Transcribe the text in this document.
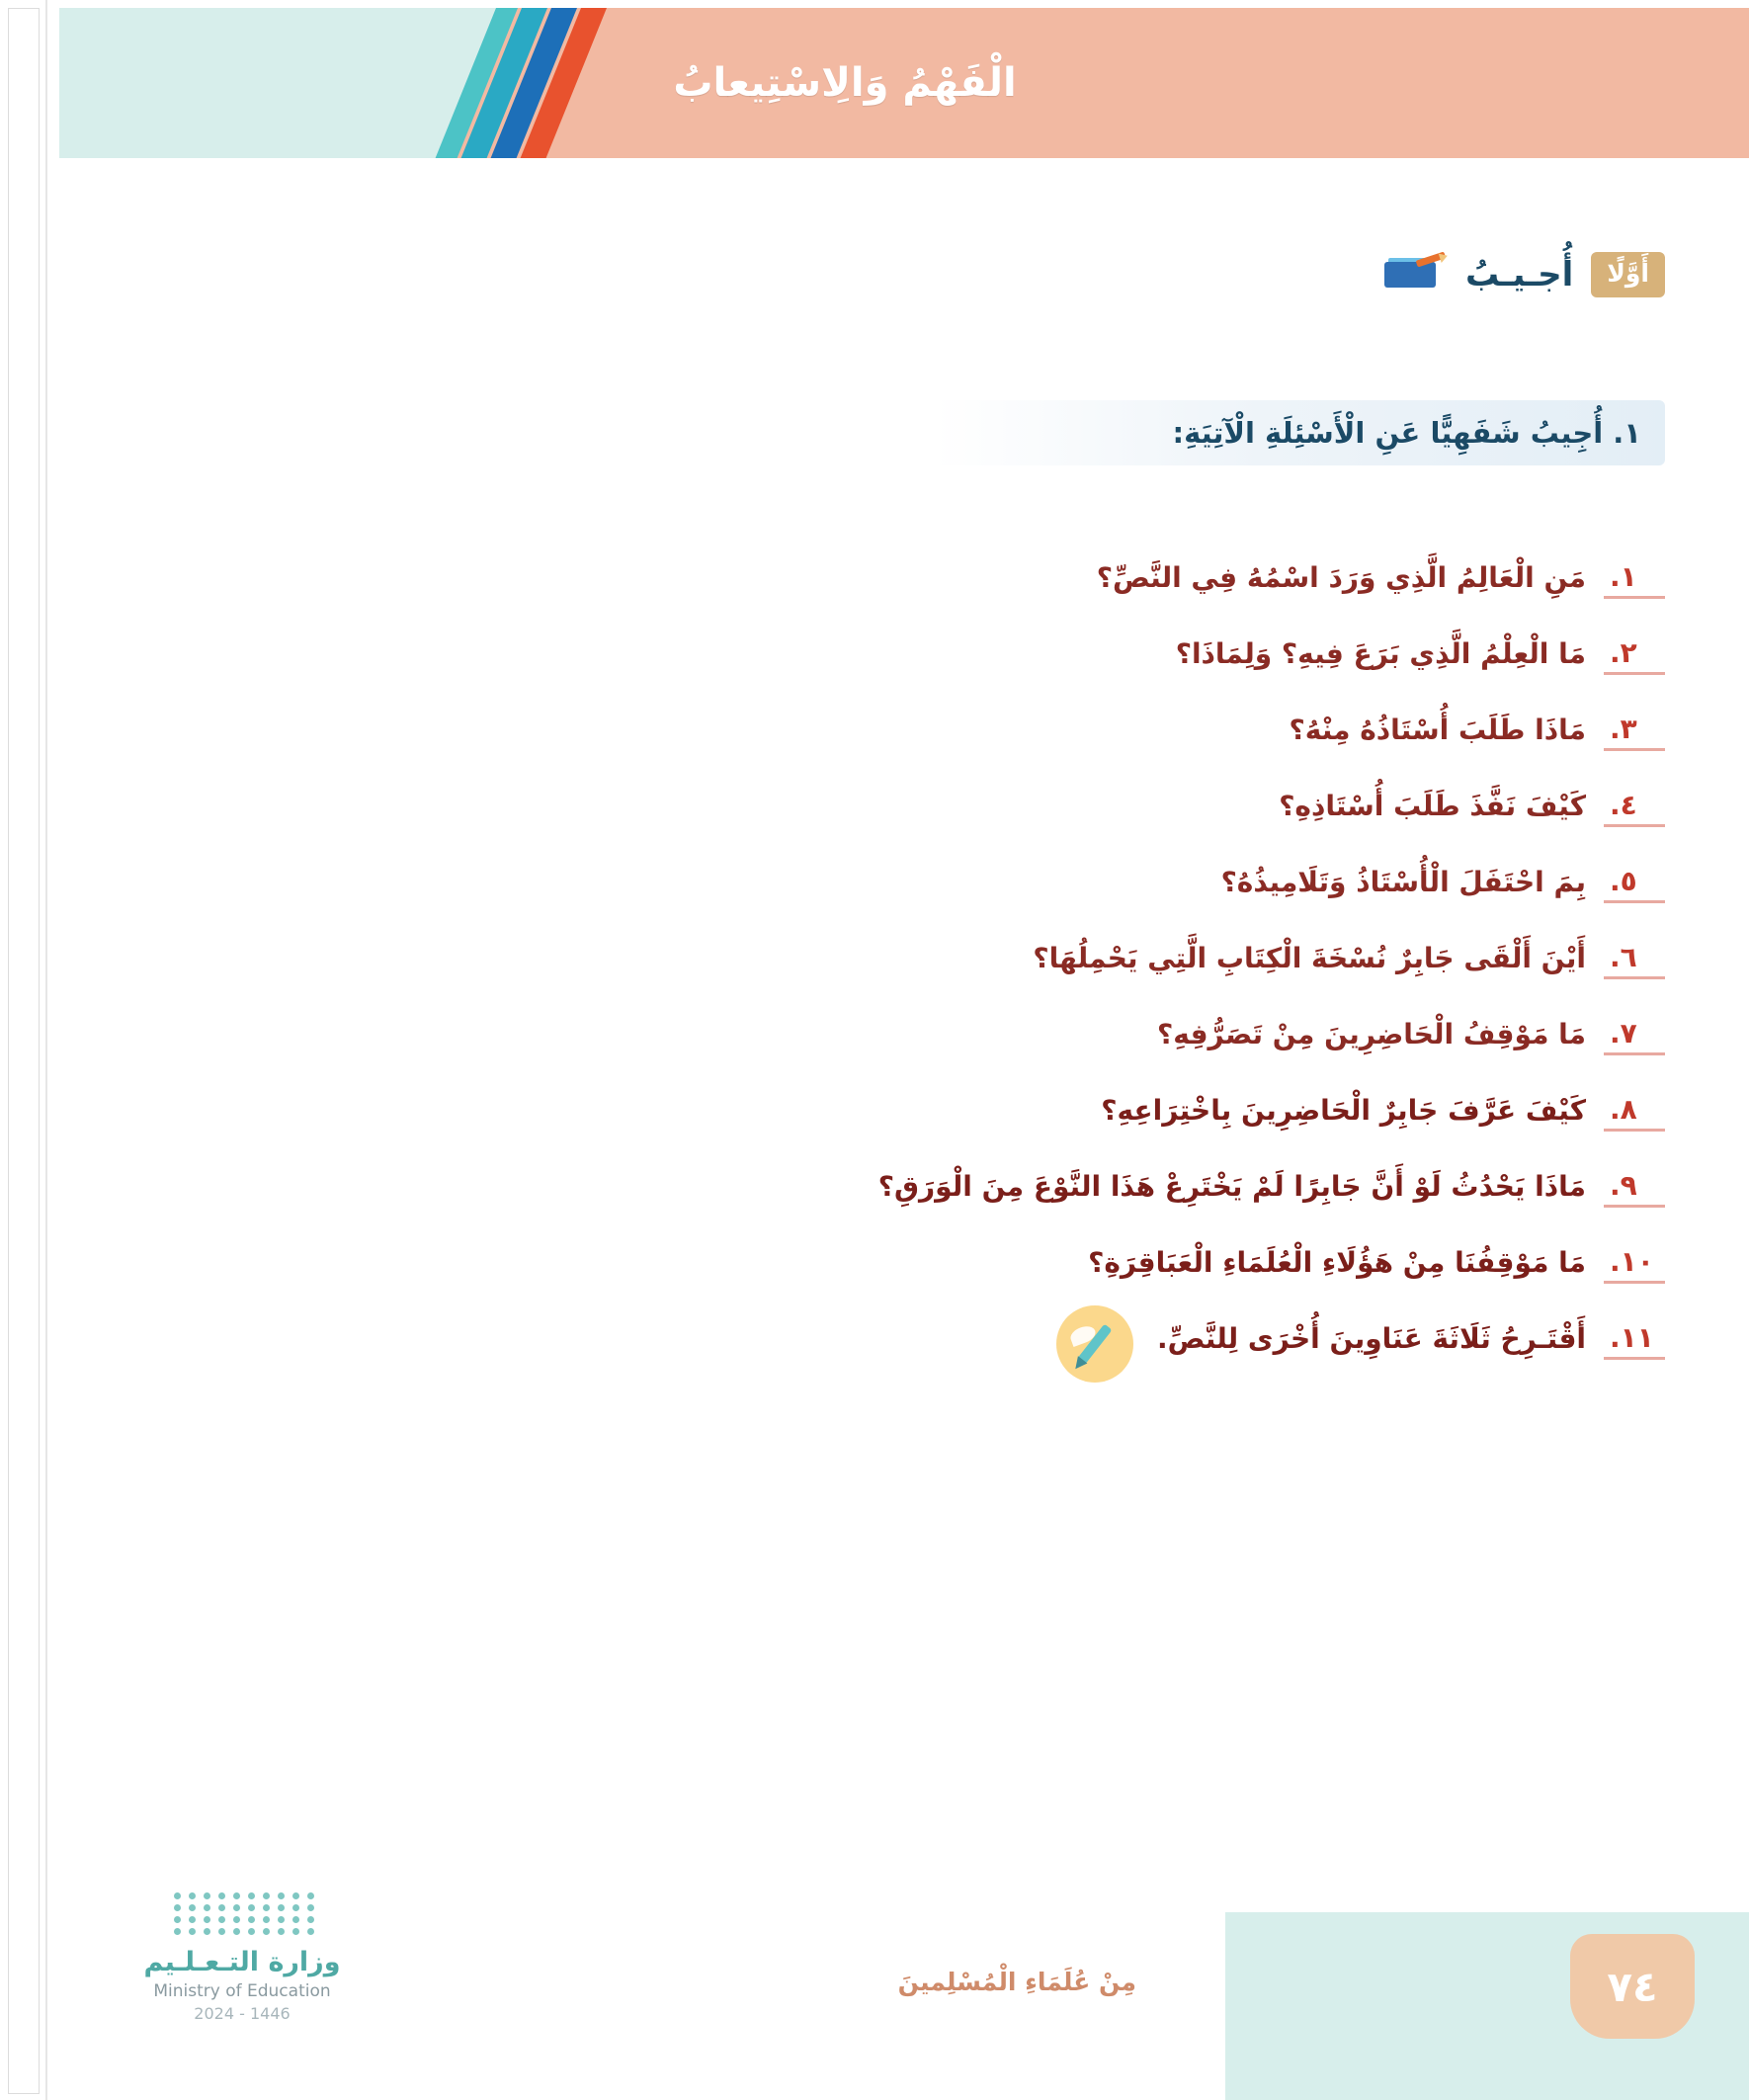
الْفَهْمُ وَالِاسْتِيعابُ
أَوَّلًا
أُجـيـبُ
١. أُجِيبُ شَفَهِيًّا عَنِ الْأَسْئِلَةِ الْآتِيَةِ:
١.
مَنِ الْعَالِمُ الَّذِي وَرَدَ اسْمُهُ فِي النَّصِّ؟
٢.
مَا الْعِلْمُ الَّذِي بَرَعَ فِيهِ؟ وَلِمَاذَا؟
٣.
مَاذَا طَلَبَ أُسْتَاذُهُ مِنْهُ؟
٤.
كَيْفَ نَفَّذَ طَلَبَ أُسْتَاذِهِ؟
٥.
بِمَ احْتَفَلَ الْأُسْتَاذُ وَتَلَامِيذُهُ؟
٦.
أَيْنَ أَلْقَى جَابِرٌ نُسْخَةَ الْكِتَابِ الَّتِي يَحْمِلُهَا؟
٧.
مَا مَوْقِفُ الْحَاضِرِينَ مِنْ تَصَرُّفِهِ؟
٨.
كَيْفَ عَرَّفَ جَابِرٌ الْحَاضِرِينَ بِاخْتِرَاعِهِ؟
٩.
مَاذَا يَحْدُثُ لَوْ أَنَّ جَابِرًا لَمْ يَخْتَرِعْ هَذَا النَّوْعَ مِنَ الْوَرَقِ؟
١٠.
مَا مَوْقِفُنَا مِنْ هَؤُلَاءِ الْعُلَمَاءِ الْعَبَاقِرَةِ؟
١١.
أَقْتَـرِحُ ثَلَاثَةَ عَنَاوِينَ أُخْرَى لِلنَّصِّ.
مِنْ عُلَمَاءِ الْمُسْلِمينَ	٧٤
وزارة التـعـلـيم
Ministry of Education
2024 - 1446
